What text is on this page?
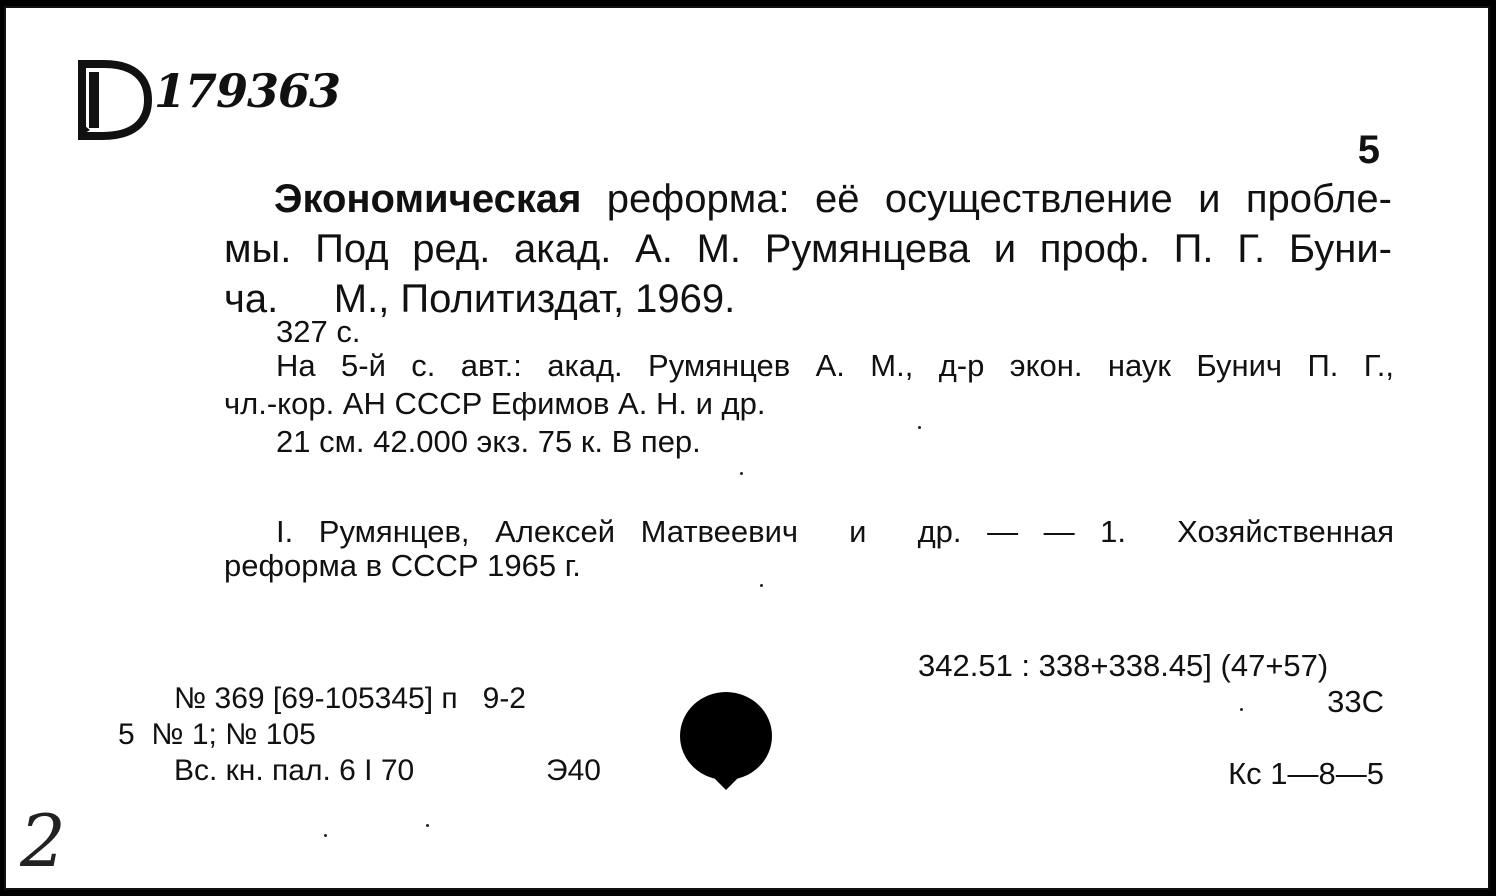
179363
5
Экономическая реформа: её осуществление и пробле-
мы. Под ред. акад. А. М. Румянцева и проф. П. Г. Буни-
ча.     М., Политиздат, 1969.
327 с.
На 5-й с. авт.: акад. Румянцев А. М., д-р экон. наук Бунич П. Г.,
чл.-кор. АН СССР Ефимов А. Н. и др.
21 см. 42.000 экз. 75 к. В пер.
I. Румянцев, Алексей Матвеевич  и  др. — — 1.  Хозяйственная
реформа в СССР 1965 г.
342.51 : 338+338.45] (47+57)
33С
Кс 1—8—5
№ 369 [69-105345] п   9-2
5  № 1; № 105
Вс. кн. пал. 6 I 70	Э40
2
